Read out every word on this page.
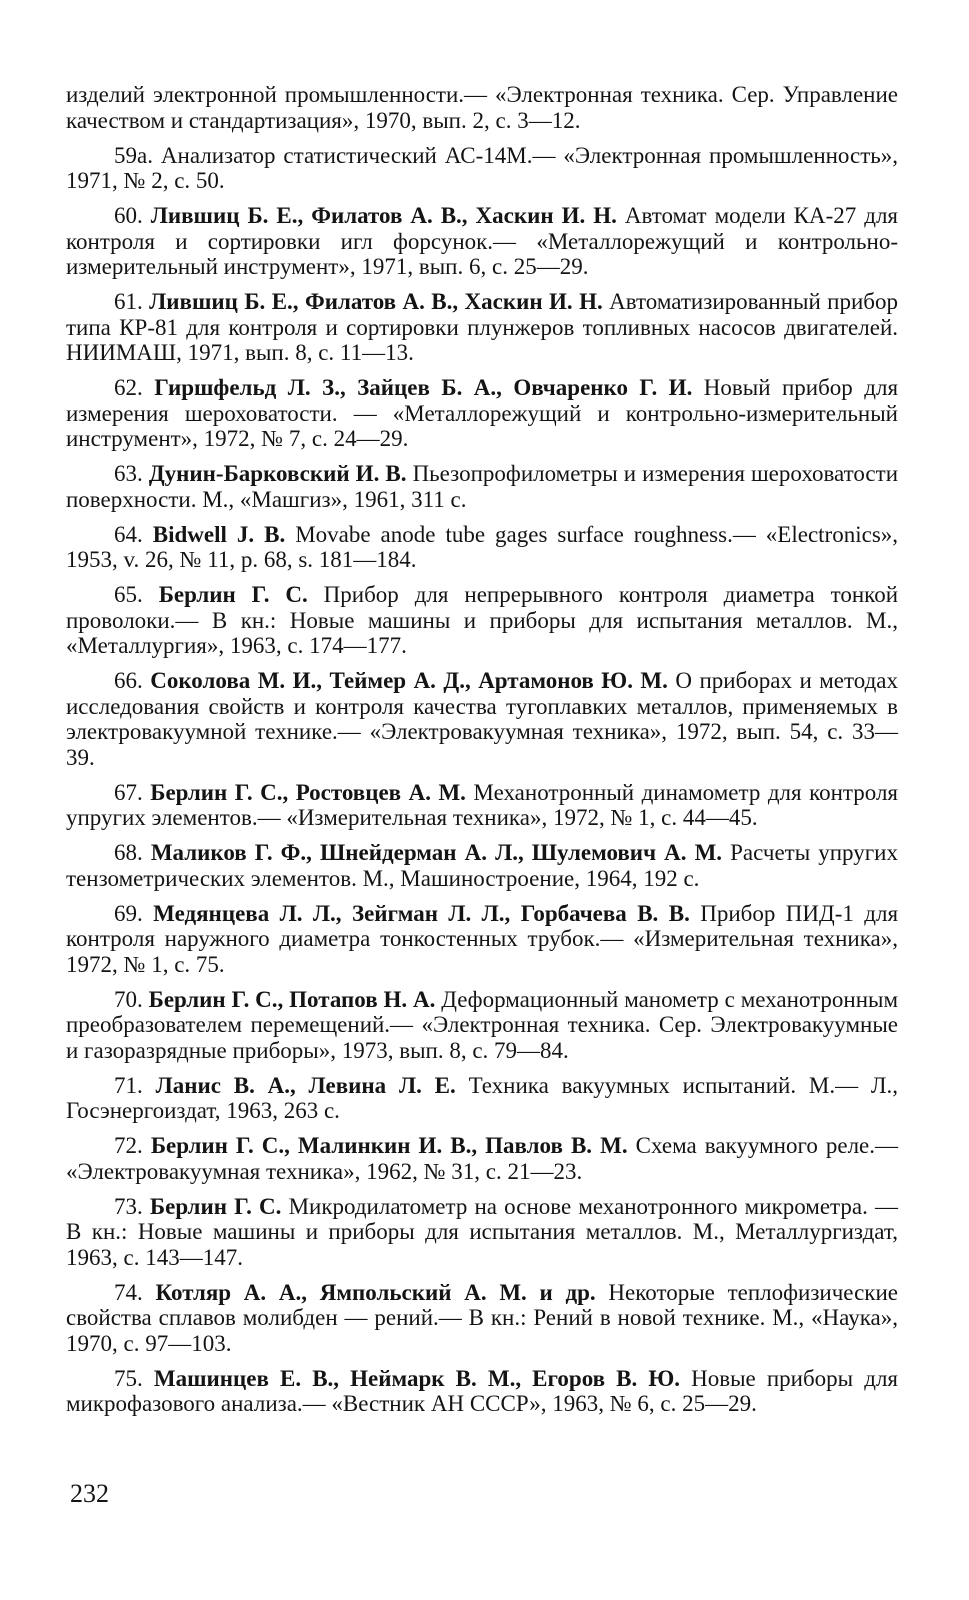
изделий электронной промышленности.— «Электронная техника. Сер. Управление качеством и стандартизация», 1970, вып. 2, с. 3—12.

59а. Анализатор статистический АС-14М.— «Электронная промышленность», 1971, № 2, с. 50.

60. Лившиц Б. Е., Филатов А. В., Хаскин И. Н. Автомат модели КА-27 для контроля и сортировки игл форсунок.— «Металлорежущий и контрольно-измерительный инструмент», 1971, вып. 6, с. 25—29.

61. Лившиц Б. Е., Филатов А. В., Хаскин И. Н. Автоматизированный прибор типа КР-81 для контроля и сортировки плунжеров топливных насосов двигателей. НИИМАШ, 1971, вып. 8, с. 11—13.

62. Гиршфельд Л. З., Зайцев Б. А., Овчаренко Г. И. Новый прибор для измерения шероховатости. — «Металлорежущий и контрольно-измерительный инструмент», 1972, № 7, с. 24—29.

63. Дунин-Барковский И. В. Пьезопрофилометры и измерения шероховатости поверхности. М., «Машгиз», 1961, 311 с.

64. Bidwell J. B. Movabe anode tube gages surface roughness.— «Electronics», 1953, v. 26, № 11, p. 68, s. 181—184.

65. Берлин Г. С. Прибор для непрерывного контроля диаметра тонкой проволоки.— В кн.: Новые машины и приборы для испытания металлов. М., «Металлургия», 1963, с. 174—177.

66. Соколова М. И., Теймер А. Д., Артамонов Ю. М. О приборах и методах исследования свойств и контроля качества тугоплавких металлов, применяемых в электровакуумной технике.— «Электровакуумная техника», 1972, вып. 54, с. 33—39.

67. Берлин Г. С., Ростовцев А. М. Механотронный динамометр для контроля упругих элементов.— «Измерительная техника», 1972, № 1, с. 44—45.

68. Маликов Г. Ф., Шнейдерман А. Л., Шулемович А. М. Расчеты упругих тензометрических элементов. М., Машиностроение, 1964, 192 с.

69. Медянцева Л. Л., Зейгман Л. Л., Горбачева В. В. Прибор ПИД-1 для контроля наружного диаметра тонкостенных трубок.— «Измерительная техника», 1972, № 1, с. 75.

70. Берлин Г. С., Потапов Н. А. Деформационный манометр с механотронным преобразователем перемещений.— «Электронная техника. Сер. Электровакуумные и газоразрядные приборы», 1973, вып. 8, с. 79—84.

71. Ланис В. А., Левина Л. Е. Техника вакуумных испытаний. М.— Л., Госэнергоиздат, 1963, 263 с.

72. Берлин Г. С., Малинкин И. В., Павлов В. М. Схема вакуумного реле.— «Электровакуумная техника», 1962, № 31, с. 21—23.

73. Берлин Г. С. Микродилатометр на основе механотронного микрометра. — В кн.: Новые машины и приборы для испытания металлов. М., Металлургиздат, 1963, с. 143—147.

74. Котляр А. А., Ямпольский А. М. и др. Некоторые теплофизические свойства сплавов молибден — рений.— В кн.: Рений в новой технике. М., «Наука», 1970, с. 97—103.

75. Машинцев Е. В., Неймарк В. М., Егоров В. Ю. Новые приборы для микрофазового анализа.— «Вестник АН СССР», 1963, № 6, с. 25—29.

232
